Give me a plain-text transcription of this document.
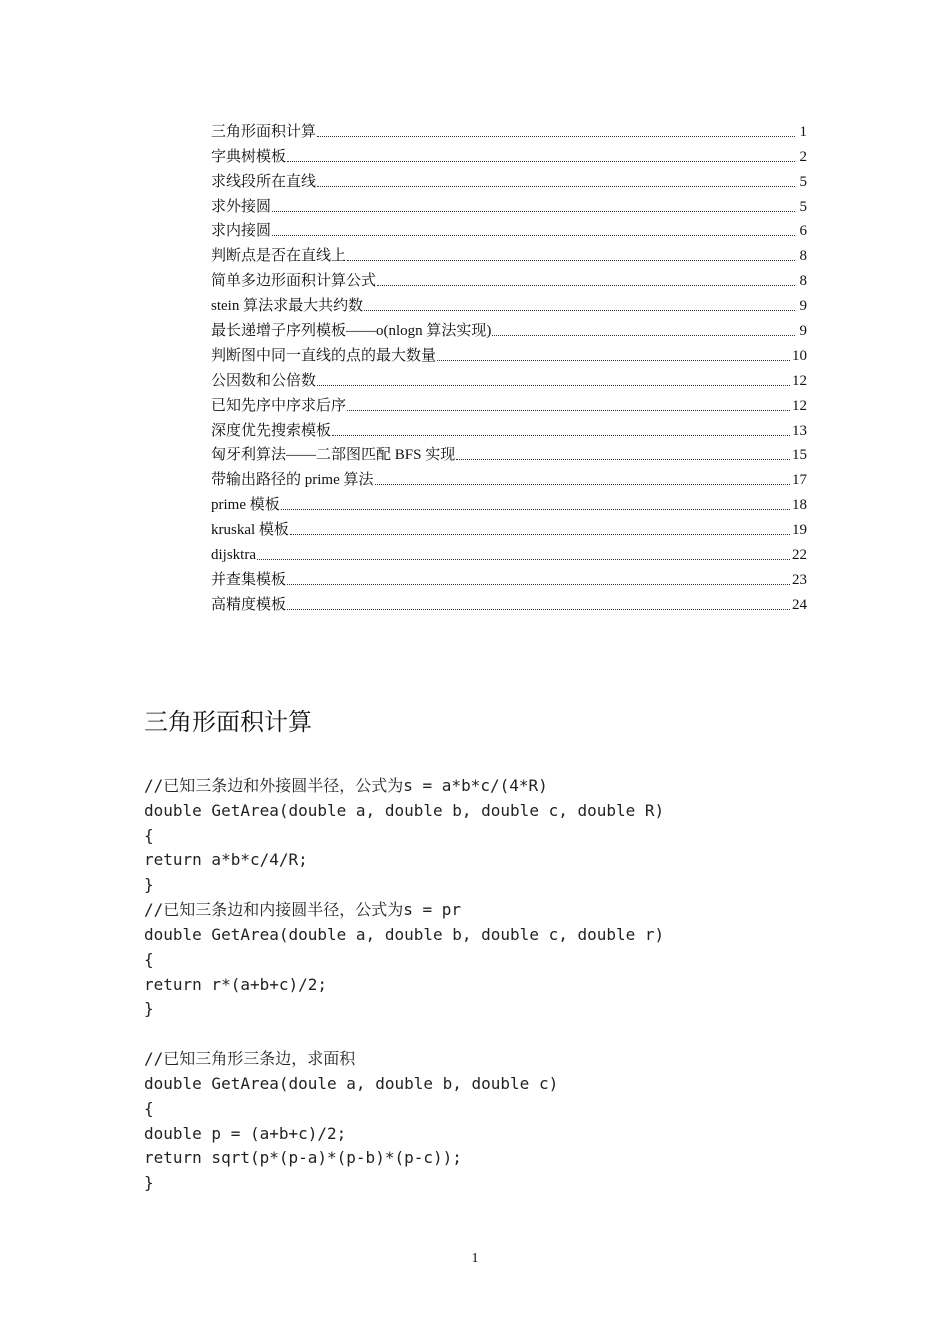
三角形面积计算	1
字典树模板	2
求线段所在直线	5
求外接圆	5
求内接圆	6
判断点是否在直线上	8
简单多边形面积计算公式	8
stein 算法求最大共约数	9
最长递增子序列模板——o(nlogn 算法实现)	9
判断图中同一直线的点的最大数量	10
公因数和公倍数	12
已知先序中序求后序	12
深度优先搜索模板	13
匈牙利算法——二部图匹配 BFS 实现	15
带输出路径的 prime 算法	17
prime 模板	18
kruskal 模板	19
dijsktra	22
并查集模板	23
高精度模板	24
三角形面积计算
//已知三条边和外接圆半径，公式为s = a*b*c/(4*R)
double GetArea(double a, double b, double c, double R)
{
return a*b*c/4/R;
}
//已知三条边和内接圆半径，公式为s = pr
double GetArea(double a, double b, double c, double r)
{
return r*(a+b+c)/2;
}
//已知三角形三条边，求面积
double GetArea(doule a, double b, double c)
{
double p = (a+b+c)/2;
return sqrt(p*(p-a)*(p-b)*(p-c));
}
1
